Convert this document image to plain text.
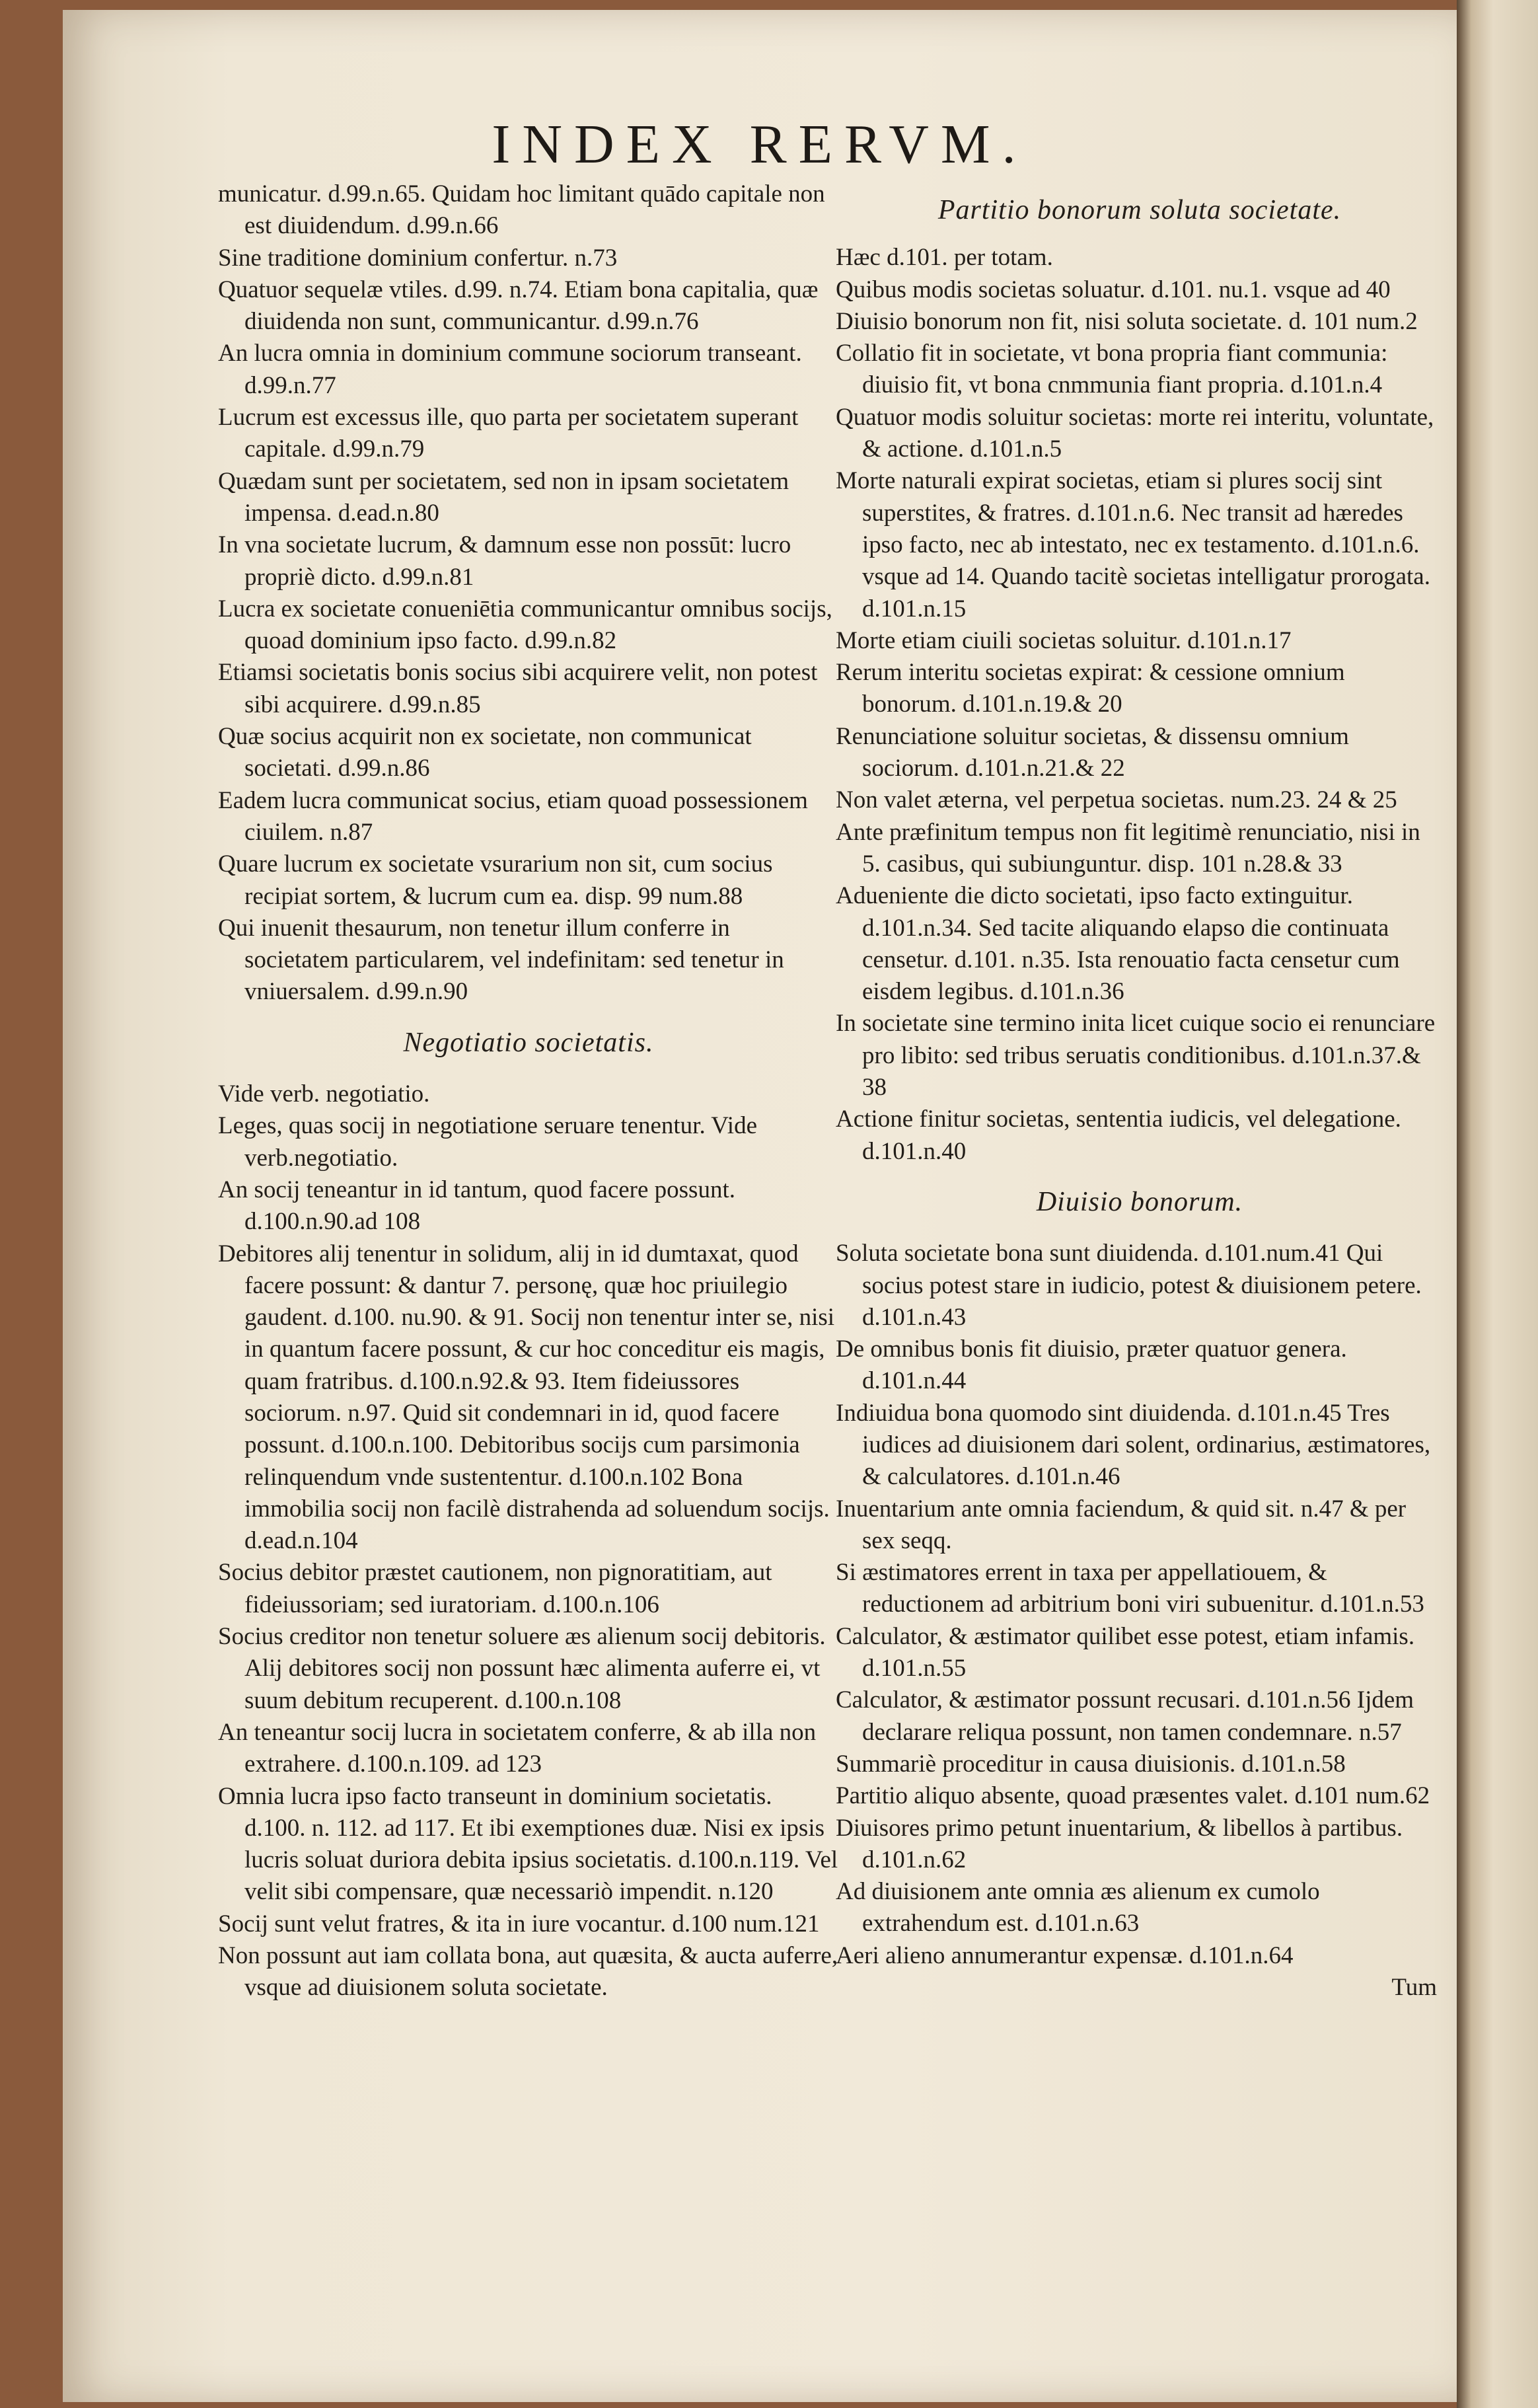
INDEX RERVM.

municatur. d.99.n.65. Quidam hoc limitant quādo capitale non est diuidendum. d.99.n.66

Sine traditione dominium confertur. n.73

Quatuor sequelæ vtiles. d.99. n.74. Etiam bona capitalia, quæ diuidenda non sunt, communicantur. d.99.n.76

An lucra omnia in dominium commune sociorum transeant. d.99.n.77

Lucrum est excessus ille, quo parta per societatem superant capitale. d.99.n.79

Quædam sunt per societatem, sed non in ipsam societatem impensa. d.ead.n.80

In vna societate lucrum, & damnum esse non possūt: lucro propriè dicto. d.99.n.81

Lucra ex societate conueniētia communicantur omnibus socijs, quoad dominium ipso facto. d.99.n.82

Etiamsi societatis bonis socius sibi acquirere velit, non potest sibi acquirere. d.99.n.85

Quæ socius acquirit non ex societate, non communicat societati. d.99.n.86

Eadem lucra communicat socius, etiam quoad possessionem ciuilem. n.87

Quare lucrum ex societate vsurarium non sit, cum socius recipiat sortem, & lucrum cum ea. disp. 99 num.88

Qui inuenit thesaurum, non tenetur illum conferre in societatem particularem, vel indefinitam: sed tenetur in vniuersalem. d.99.n.90

Negotiatio societatis.

Vide verb. negotiatio.

Leges, quas socij in negotiatione seruare tenentur. Vide verb.negotiatio.

An socij teneantur in id tantum, quod facere possunt. d.100.n.90.ad 108

Debitores alij tenentur in solidum, alij in id dumtaxat, quod facere possunt: & dantur 7. personę, quæ hoc priuilegio gaudent. d.100. nu.90. & 91. Socij non tenentur inter se, nisi in quantum facere possunt, & cur hoc conceditur eis magis, quam fratribus. d.100.n.92.& 93. Item fideiussores sociorum. n.97. Quid sit condemnari in id, quod facere possunt. d.100.n.100. Debitoribus socijs cum parsimonia relinquendum vnde sustententur. d.100.n.102 Bona immobilia socij non facilè distrahenda ad soluendum socijs. d.ead.n.104

Socius debitor præstet cautionem, non pignoratitiam, aut fideiussoriam; sed iuratoriam. d.100.n.106

Socius creditor non tenetur soluere æs alienum socij debitoris. Alij debitores socij non possunt hæc alimenta auferre ei, vt suum debitum recuperent. d.100.n.108

An teneantur socij lucra in societatem conferre, & ab illa non extrahere. d.100.n.109. ad 123

Omnia lucra ipso facto transeunt in dominium societatis. d.100. n. 112. ad 117. Et ibi exemptiones duæ. Nisi ex ipsis lucris soluat duriora debita ipsius societatis. d.100.n.119. Vel velit sibi compensare, quæ necessariò impendit. n.120

Socij sunt velut fratres, & ita in iure vocantur. d.100 num.121

Non possunt aut iam collata bona, aut quæsita, & aucta auferre, vsque ad diuisionem soluta societate.

Partitio bonorum soluta societate.

Hæc d.101. per totam.

Quibus modis societas soluatur. d.101. nu.1. vsque ad 40

Diuisio bonorum non fit, nisi soluta societate. d. 101 num.2

Collatio fit in societate, vt bona propria fiant communia: diuisio fit, vt bona cnmmunia fiant propria. d.101.n.4

Quatuor modis soluitur societas: morte rei interitu, voluntate, & actione. d.101.n.5

Morte naturali expirat societas, etiam si plures socij sint superstites, & fratres. d.101.n.6. Nec transit ad hæredes ipso facto, nec ab intestato, nec ex testamento. d.101.n.6. vsque ad 14. Quando tacitè societas intelligatur prorogata. d.101.n.15

Morte etiam ciuili societas soluitur. d.101.n.17

Rerum interitu societas expirat: & cessione omnium bonorum. d.101.n.19.& 20

Renunciatione soluitur societas, & dissensu omnium sociorum. d.101.n.21.& 22

Non valet æterna, vel perpetua societas. num.23. 24 & 25

Ante præfinitum tempus non fit legitimè renunciatio, nisi in 5. casibus, qui subiunguntur. disp. 101 n.28.& 33

Adueniente die dicto societati, ipso facto extinguitur. d.101.n.34. Sed tacite aliquando elapso die continuata censetur. d.101. n.35. Ista renouatio facta censetur cum eisdem legibus. d.101.n.36

In societate sine termino inita licet cuique socio ei renunciare pro libito: sed tribus seruatis conditionibus. d.101.n.37.& 38

Actione finitur societas, sententia iudicis, vel delegatione. d.101.n.40

Diuisio bonorum.

Soluta societate bona sunt diuidenda. d.101.num.41 Qui socius potest stare in iudicio, potest & diuisionem petere. d.101.n.43

De omnibus bonis fit diuisio, præter quatuor genera. d.101.n.44

Indiuidua bona quomodo sint diuidenda. d.101.n.45 Tres iudices ad diuisionem dari solent, ordinarius, æstimatores, & calculatores. d.101.n.46

Inuentarium ante omnia faciendum, & quid sit. n.47 & per sex seqq.

Si æstimatores errent in taxa per appellatiouem, & reductionem ad arbitrium boni viri subuenitur. d.101.n.53

Calculator, & æstimator quilibet esse potest, etiam infamis. d.101.n.55

Calculator, & æstimator possunt recusari. d.101.n.56 Ijdem declarare reliqua possunt, non tamen condemnare. n.57

Summariè proceditur in causa diuisionis. d.101.n.58

Partitio aliquo absente, quoad præsentes valet. d.101 num.62

Diuisores primo petunt inuentarium, & libellos à partibus. d.101.n.62

Ad diuisionem ante omnia æs alienum ex cumolo extrahendum est. d.101.n.63

Aeri alieno annumerantur expensæ. d.101.n.64

Tum
